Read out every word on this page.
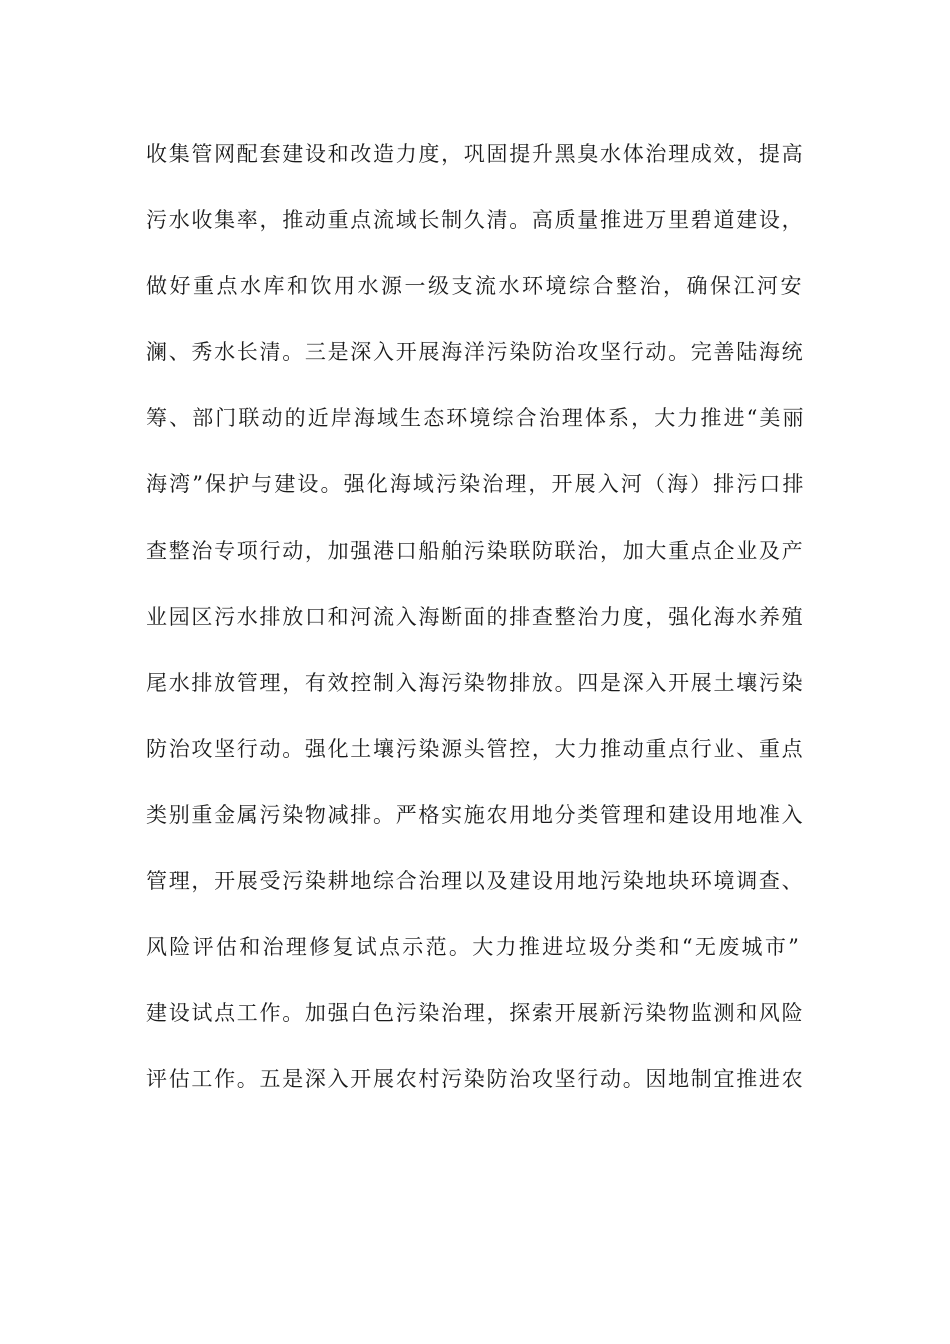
收集管网配套建设和改造力度，巩固提升黑臭水体治理成效，提高
污水收集率，推动重点流域长制久清。高质量推进万里碧道建设，
做好重点水库和饮用水源一级支流水环境综合整治，确保江河安
澜、秀水长清。三是深入开展海洋污染防治攻坚行动。完善陆海统
筹、部门联动的近岸海域生态环境综合治理体系，大力推进“美丽
海湾”保护与建设。强化海域污染治理，开展入河（海）排污口排
查整治专项行动，加强港口船舶污染联防联治，加大重点企业及产
业园区污水排放口和河流入海断面的排查整治力度，强化海水养殖
尾水排放管理，有效控制入海污染物排放。四是深入开展土壤污染
防治攻坚行动。强化土壤污染源头管控，大力推动重点行业、重点
类别重金属污染物减排。严格实施农用地分类管理和建设用地准入
管理，开展受污染耕地综合治理以及建设用地污染地块环境调查、
风险评估和治理修复试点示范。大力推进垃圾分类和“无废城市”
建设试点工作。加强白色污染治理，探索开展新污染物监测和风险
评估工作。五是深入开展农村污染防治攻坚行动。因地制宜推进农
